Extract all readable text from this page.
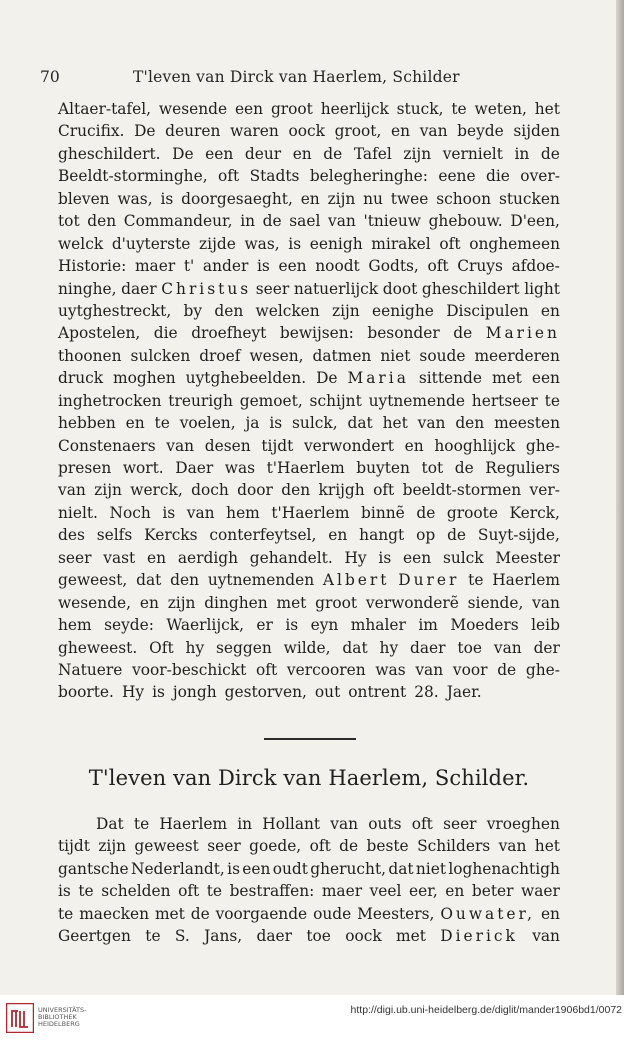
70	T'leven van Dirck van Haerlem, Schilder
Altaer-tafel, wesende een groot heerlijck stuck, te weten, het
Crucifix. De deuren waren oock groot, en van beyde sijden
gheschildert. De een deur en de Tafel zijn vernielt in de
Beeldt-storminghe, oft Stadts belegheringhe: eene die over-
bleven was, is doorgesaeght, en zijn nu twee schoon stucken
tot den Commandeur, in de sael van 'tnieuw ghebouw. D'een,
welck d'uyterste zijde was, is eenigh mirakel oft onghemeen
Historie: maer t' ander is een noodt Godts, oft Cruys afdoe-
ninghe, daer Christus seer natuerlijck doot gheschildert light
uytghestreckt, by den welcken zijn eenighe Discipulen en
Apostelen, die droefheyt bewijsen: besonder de Marien
thoonen sulcken droef wesen, datmen niet soude meerderen
druck moghen uytghebeelden. De Maria sittende met een
inghetrocken treurigh gemoet, schijnt uytnemende hertseer te
hebben en te voelen, ja is sulck, dat het van den meesten
Constenaers van desen tijdt verwondert en hooghlijck ghe-
presen wort. Daer was t'Haerlem buyten tot de Reguliers
van zijn werck, doch door den krijgh oft beeldt-stormen ver-
nielt. Noch is van hem t'Haerlem binnẽ de groote Kerck,
des selfs Kercks conterfeytsel, en hangt op de Suyt-sijde,
seer vast en aerdigh gehandelt. Hy is een sulck Meester
geweest, dat den uytnemenden Albert Durer te Haerlem
wesende, en zijn dinghen met groot verwonderẽ siende, van
hem seyde: Waerlijck, er is eyn mhaler im Moeders leib
gheweest. Oft hy seggen wilde, dat hy daer toe van der
Natuere voor-beschickt oft vercooren was van voor de ghe-
boorte. Hy is jongh gestorven, out ontrent 28. Jaer.
T'leven van Dirck van Haerlem, Schilder.
Dat te Haerlem in Hollant van outs oft seer vroeghen
tijdt zijn geweest seer goede, oft de beste Schilders van het
gantsche Nederlandt, is een oudt gherucht, dat niet loghenachtigh
is te schelden oft te bestraffen: maer veel eer, en beter waer
te maecken met de voorgaende oude Meesters, Ouwater, en
Geertgen te S. Jans, daer toe oock met Dierick van
UNIVERSITÄTS-
BIBLIOTHEK
HEIDELBERG
http://digi.ub.uni-heidelberg.de/diglit/mander1906bd1/0072
